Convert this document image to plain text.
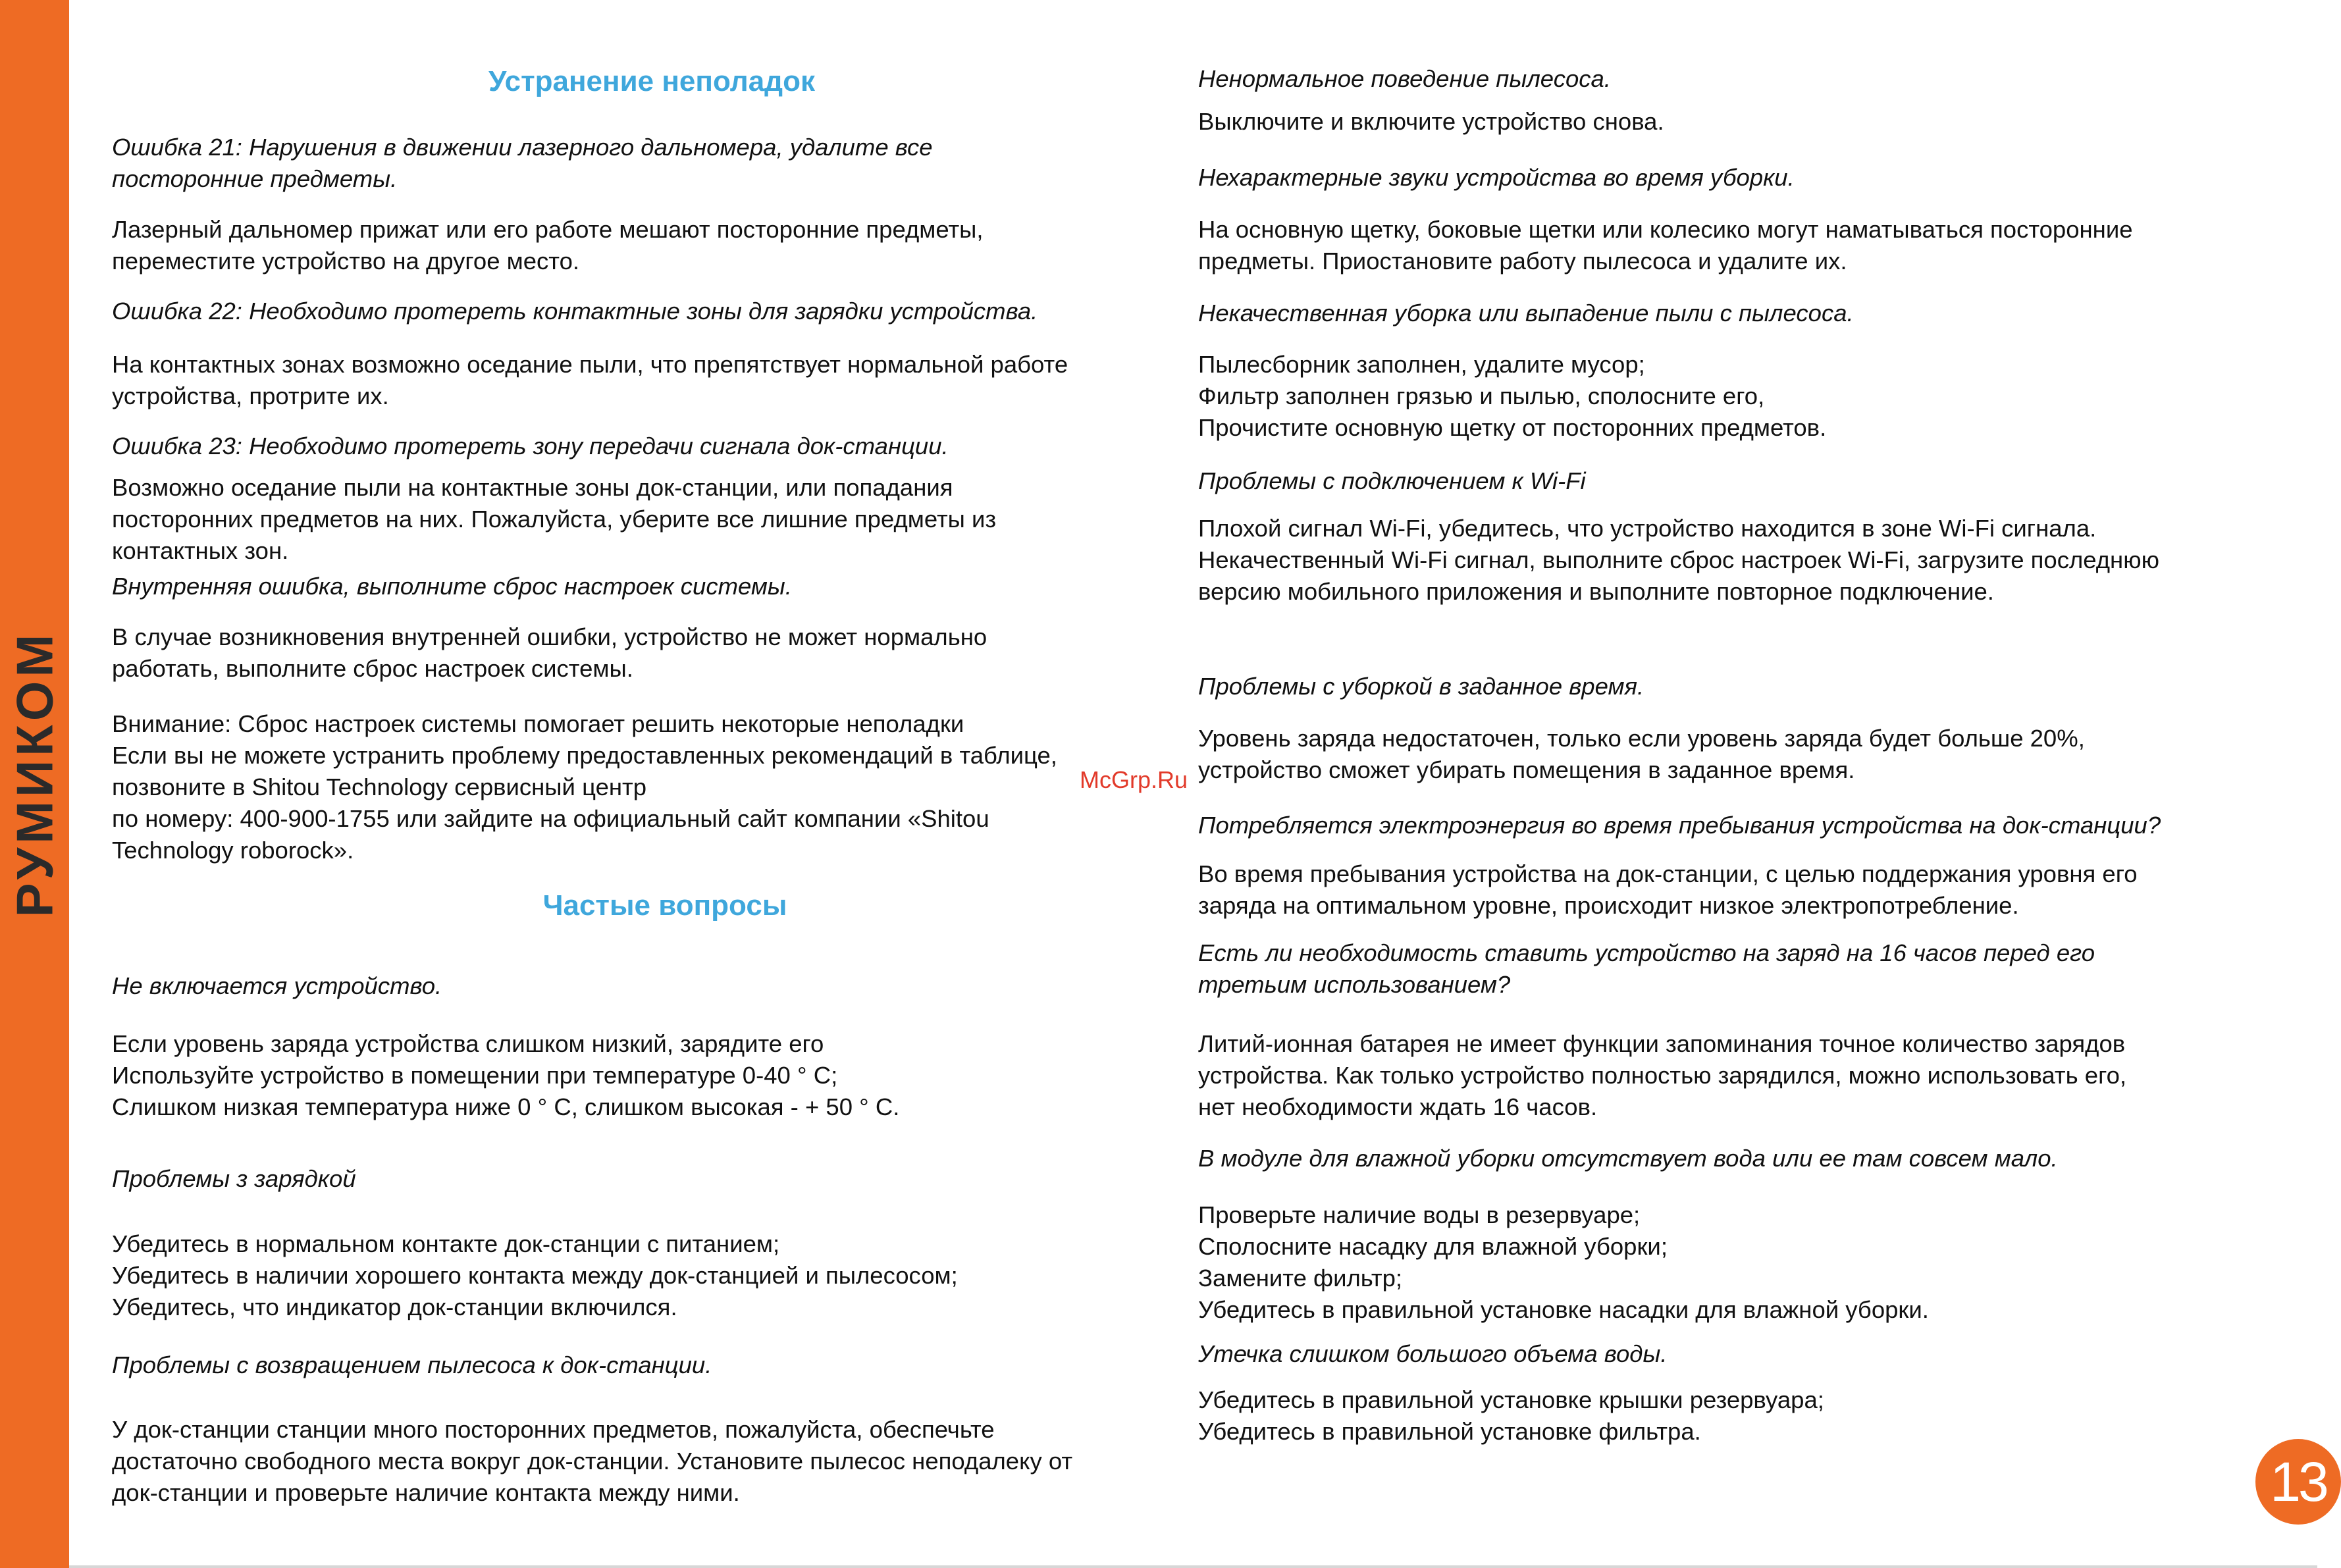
РУМИКОМ
Устранение неполадок
Ошибка 21: Нарушения в движении лазерного дальномера, удалите все
посторонние предметы.
Лазерный дальномер прижат или его работе мешают посторонние предметы,
переместите устройство на другое место.
Ошибка 22: Необходимо протереть контактные зоны для зарядки устройства.
На контактных зонах возможно оседание пыли, что препятствует нормальной работе
устройства, протрите их.
Ошибка 23: Необходимо протереть зону передачи сигнала док-станции.
Возможно оседание пыли на контактные зоны док-станции, или попадания
посторонних предметов на них. Пожалуйста, уберите все лишние предметы из
контактных зон.
Внутренняя ошибка, выполните сброс настроек системы.
В случае возникновения внутренней ошибки, устройство не может нормально
работать, выполните сброс настроек системы.
Внимание: Сброс настроек системы помогает решить некоторые неполадки
Если вы не можете устранить проблему предоставленных рекомендаций в таблице,
позвоните в Shitou Technology сервисный центр
по номеру: 400-900-1755 или зайдите на официальный сайт компании «Shitou
Technology roborock».
Частые вопросы
Не включается устройство.
Если уровень заряда устройства слишком низкий, зарядите его
Используйте устройство в помещении при температуре 0-40 ° С;
Слишком низкая температура ниже 0 ° С, слишком высокая - + 50 ° С.
Проблемы з зарядкой
Убедитесь в нормальном контакте док-станции с питанием;
Убедитесь в наличии хорошего контакта между док-станцией и пылесосом;
Убедитесь, что индикатор док-станции включился.
Проблемы с возвращением пылесоса к док-станции.
У док-станции станции много посторонних предметов, пожалуйста, обеспечьте
достаточно свободного места вокруг док-станции. Установите пылесос неподалеку от
док-станции и проверьте наличие контакта между ними.
Ненормальное поведение пылесоса.
Выключите и включите устройство снова.
Нехарактерные звуки устройства во время уборки.
На основную щетку, боковые щетки или колесико могут наматываться посторонние
предметы. Приостановите работу пылесоса и удалите их.
Некачественная уборка или выпадение пыли с пылесоса.
Пылесборник заполнен, удалите мусор;
Фильтр заполнен грязью и пылью, сполосните его,
Прочистите основную щетку от посторонних предметов.
Проблемы с подключением к Wi-Fi
Плохой сигнал Wi-Fi, убедитесь, что устройство находится в зоне Wi-Fi сигнала.
Некачественный Wi-Fi сигнал, выполните сброс настроек Wi-Fi, загрузите последнюю
версию мобильного приложения и выполните повторное подключение.
Проблемы с уборкой в заданное время.
Уровень заряда недостаточен, только если уровень заряда будет больше 20%,
устройство сможет убирать помещения в заданное время.
Потребляется электроэнергия во время пребывания устройства на док-станции?
Во время пребывания устройства на док-станции, с целью поддержания уровня его
заряда на оптимальном уровне, происходит низкое электропотребление.
Есть ли необходимость ставить устройство на заряд на 16 часов перед его
третьим использованием?
Литий-ионная батарея не имеет функции запоминания точное количество зарядов
устройства. Как только устройство полностью зарядился, можно использовать его,
нет необходимости ждать 16 часов.
В модуле для влажной уборки отсутствует вода или ее там совсем мало.
Проверьте наличие воды в резервуаре;
Сполосните насадку для влажной уборки;
Замените фильтр;
Убедитесь в правильной установке насадки для влажной уборки.
Утечка слишком большого объема воды.
Убедитесь в правильной установке крышки резервуара;
Убедитесь в правильной установке фильтра.
McGrp.Ru
13
